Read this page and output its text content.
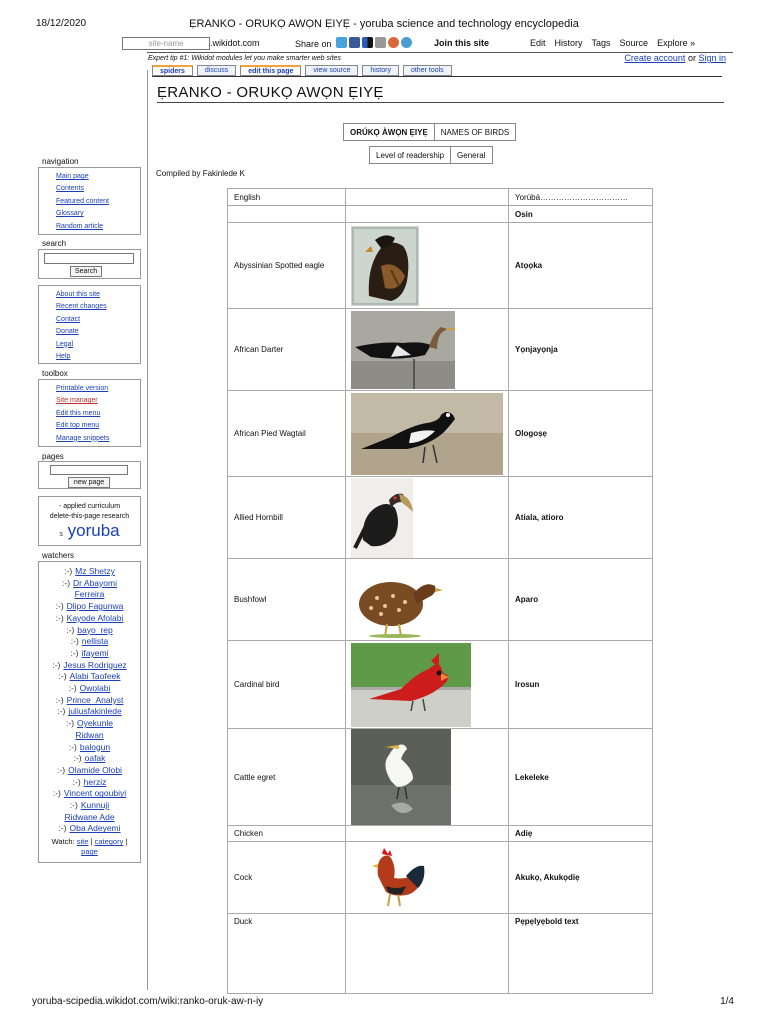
18/12/2020	ẸRANKO - ORUKỌ AWỌN ẸIYẸ - yoruba science and technology encyclopedia
yoruba-scipedia.wikidot.com/wiki:ranko-oruk-aw-n-iy	1/4
site-name	.wikidot.com	Share on	Join this site	Edit History Tags Source Explore »
Expert tip #1: Wikidot modules let you make smarter web sites	Create account or Sign in
spiders	discuss	edit this page	view source	history	other tools
ẸRANKO - ORUKỌ AWỌN ẸIYẸ
navigation
Main page
Contents
Featured content
Glossary
Random article
search
Search
About this site
Recent changes
Contact
Donate
Legal
Help
toolbox
Printable version
Site manager
Edit this menu
Edit top menu
Manage snippets
pages
new page
- applied curriculum
delete-this-page research
s yoruba
watchers
:-) Mz Shetzy
:-) Dr Abayomi
Ferreira
:-) Dlipo Fagunwa
:-) Kayode Afolabi
:-) bayo_rep
:-) nellista
:-) ifayemi
:-) Jesus Rodriguez
:-) Alabi Taofeek
:-) Owolabi
:-) Prince_Analyst
:-) juliusfakinlede
:-) Oyekunle
Ridwan
:-) balogun
:-) oafak
:-) Olamide Olobi
:-) herziz
:-) Vincent ogoubiyi
:-) Kunnuji
Ridwane Ade
:-) Oba Adeyemi
Watch: site | category |
page
ORÚKỌ ÀWỌN ẸIYẸ	NAMES OF BIRDS
Level of readership	General
Compiled by Fakinlede K
English		Yorùbá……………………………
		Osin
Abyssinian Spotted eagle		Atọọka
African Darter		Yọnjayọnja
African Pied Wagtail		Ologoṣẹ
Allied Hornbill		Atiala, atioro
Bushfowl		Aparo
Cardinal bird		Irosun
Cattle egret		Lekeleke
Chicken		Adiẹ
Cock		Akukọ, Akukọdiẹ
Duck		Pẹpẹlyẹbold text
